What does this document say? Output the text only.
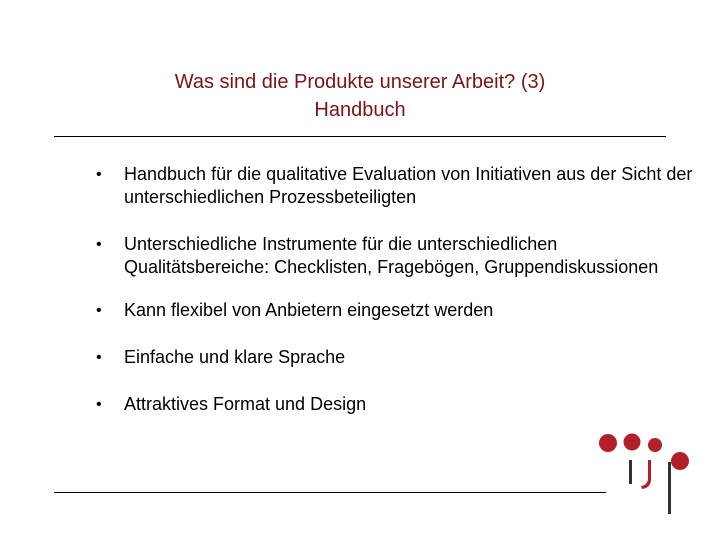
Was sind die Produkte unserer Arbeit? (3)
Handbuch
• Handbuch für die qualitative Evaluation von Initiativen aus der Sicht der unterschiedlichen Prozessbeteiligten
• Unterschiedliche Instrumente für die unterschiedlichen Qualitätsbereiche: Checklisten, Fragebögen, Gruppendiskussionen
• Kann flexibel von Anbietern eingesetzt werden
• Einfache und klare Sprache
• Attraktives Format und Design
